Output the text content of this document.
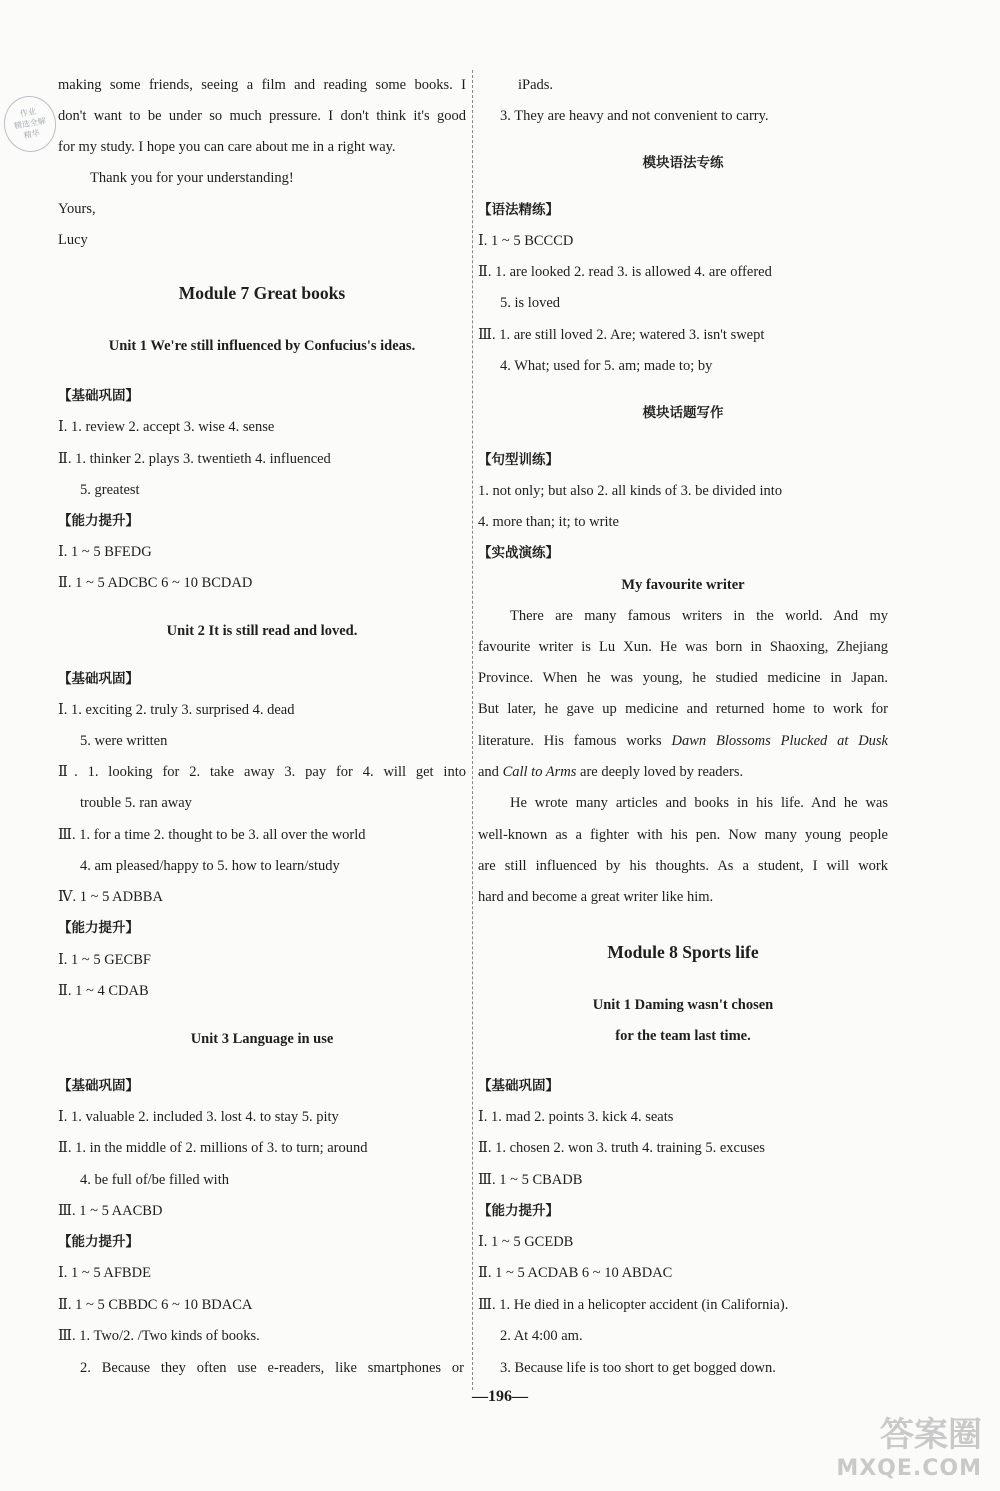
作业
精选全解
精华
making some friends, seeing a film and reading some books. I
don't want to be under so much pressure. I don't think it's good
for my study. I hope you can care about me in a right way.
Thank you for your understanding!
Yours,
Lucy
Module 7 Great books
Unit 1 We're still influenced by Confucius's ideas.
【基础巩固】
Ⅰ. 1. review 2. accept 3. wise 4. sense
Ⅱ. 1. thinker 2. plays 3. twentieth 4. influenced
5. greatest
【能力提升】
Ⅰ. 1 ~ 5 BFEDG
Ⅱ. 1 ~ 5 ADCBC 6 ~ 10 BCDAD
Unit 2 It is still read and loved.
【基础巩固】
Ⅰ. 1. exciting 2. truly 3. surprised 4. dead
5. were written
Ⅱ. 1. looking for 2. take away 3. pay for 4. will get into
trouble 5. ran away
Ⅲ. 1. for a time 2. thought to be 3. all over the world
4. am pleased/happy to 5. how to learn/study
Ⅳ. 1 ~ 5 ADBBA
【能力提升】
Ⅰ. 1 ~ 5 GECBF
Ⅱ. 1 ~ 4 CDAB
Unit 3 Language in use
【基础巩固】
Ⅰ. 1. valuable 2. included 3. lost 4. to stay 5. pity
Ⅱ. 1. in the middle of 2. millions of 3. to turn; around
4. be full of/be filled with
Ⅲ. 1 ~ 5 AACBD
【能力提升】
Ⅰ. 1 ~ 5 AFBDE
Ⅱ. 1 ~ 5 CBBDC 6 ~ 10 BDACA
Ⅲ. 1. Two/2. /Two kinds of books.
2. Because they often use e-readers, like smartphones or
iPads.
3. They are heavy and not convenient to carry.
模块语法专练
【语法精练】
Ⅰ. 1 ~ 5 BCCCD
Ⅱ. 1. are looked 2. read 3. is allowed 4. are offered
5. is loved
Ⅲ. 1. are still loved 2. Are; watered 3. isn't swept
4. What; used for 5. am; made to; by
模块话题写作
【句型训练】
1. not only; but also 2. all kinds of 3. be divided into
4. more than; it; to write
【实战演练】
My favourite writer
There are many famous writers in the world. And my
favourite writer is Lu Xun. He was born in Shaoxing, Zhejiang
Province. When he was young, he studied medicine in Japan.
But later, he gave up medicine and returned home to work for
literature. His famous works Dawn Blossoms Plucked at Dusk
and Call to Arms are deeply loved by readers.
He wrote many articles and books in his life. And he was
well-known as a fighter with his pen. Now many young people
are still influenced by his thoughts. As a student, I will work
hard and become a great writer like him.
Module 8 Sports life
Unit 1 Daming wasn't chosen
for the team last time.
【基础巩固】
Ⅰ. 1. mad 2. points 3. kick 4. seats
Ⅱ. 1. chosen 2. won 3. truth 4. training 5. excuses
Ⅲ. 1 ~ 5 CBADB
【能力提升】
Ⅰ. 1 ~ 5 GCEDB
Ⅱ. 1 ~ 5 ACDAB 6 ~ 10 ABDAC
Ⅲ. 1. He died in a helicopter accident (in California).
2. At 4:00 am.
3. Because life is too short to get bogged down.
—196—
答案圈
MXQE.COM
